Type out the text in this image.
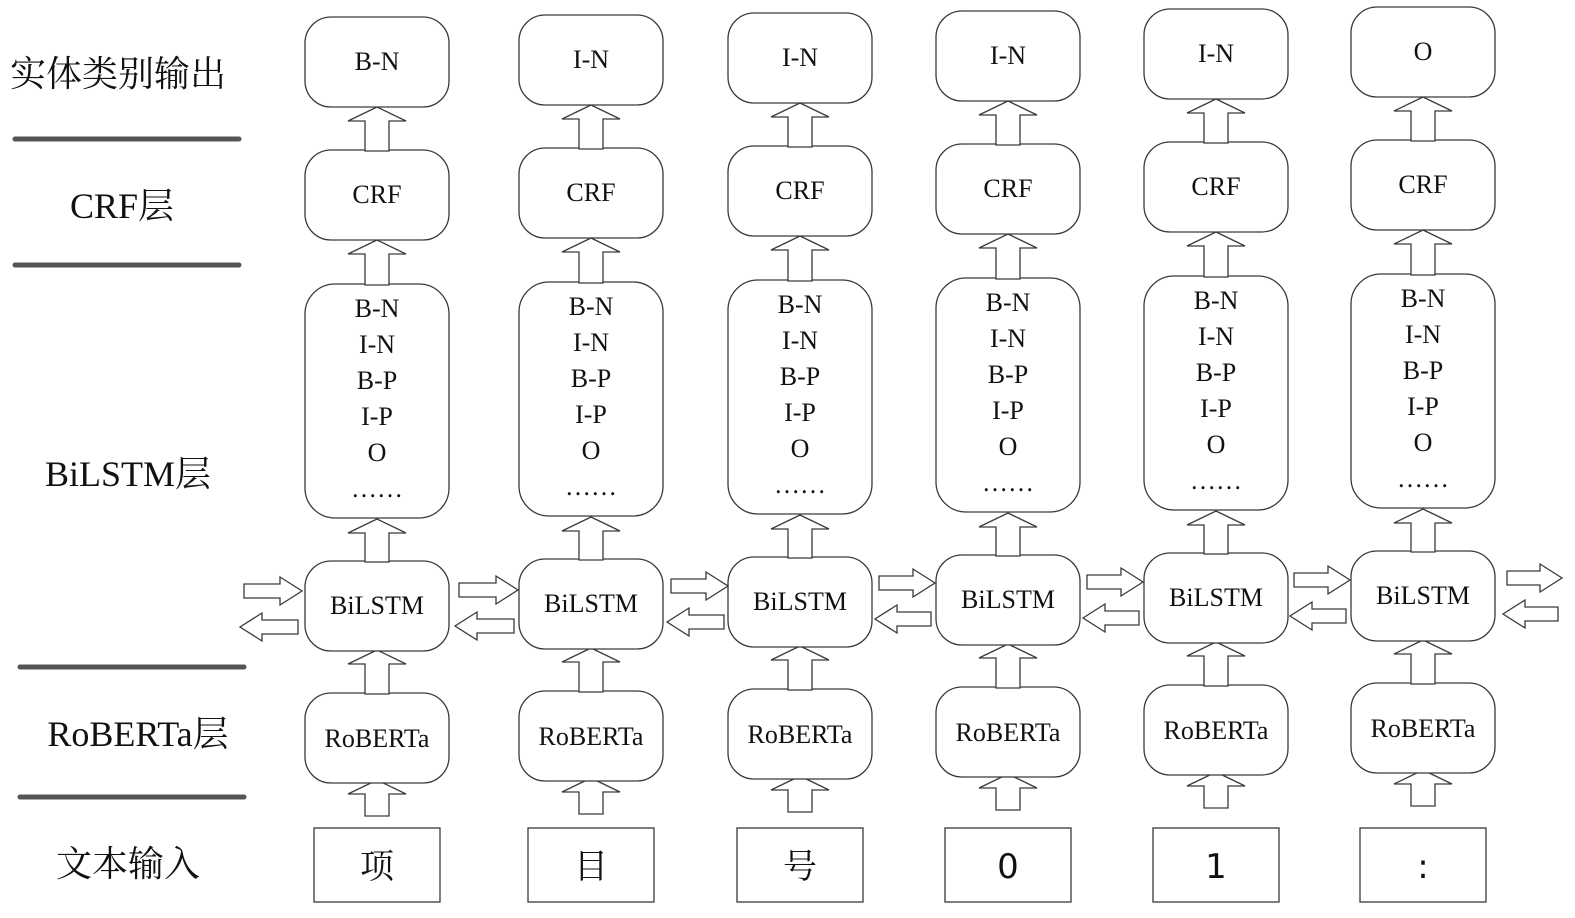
实体类别输出
CRF层
BiLSTM层
RoBERTa层
文本输入	项
RoBERTa
BiLSTM
B-N
I-N
B-P
I-P
O
……
CRF
B-N
目
RoBERTa
BiLSTM
B-N
I-N
B-P
I-P
O
……
CRF
I-N
号
RoBERTa
BiLSTM
B-N
I-N
B-P
I-P
O
……
CRF
I-N
0
RoBERTa
BiLSTM
B-N
I-N
B-P
I-P
O
……
CRF
I-N
1
RoBERTa
BiLSTM
B-N
I-N
B-P
I-P
O
……
CRF
I-N
:
RoBERTa
BiLSTM
B-N
I-N
B-P
I-P
O
……
CRF
O
